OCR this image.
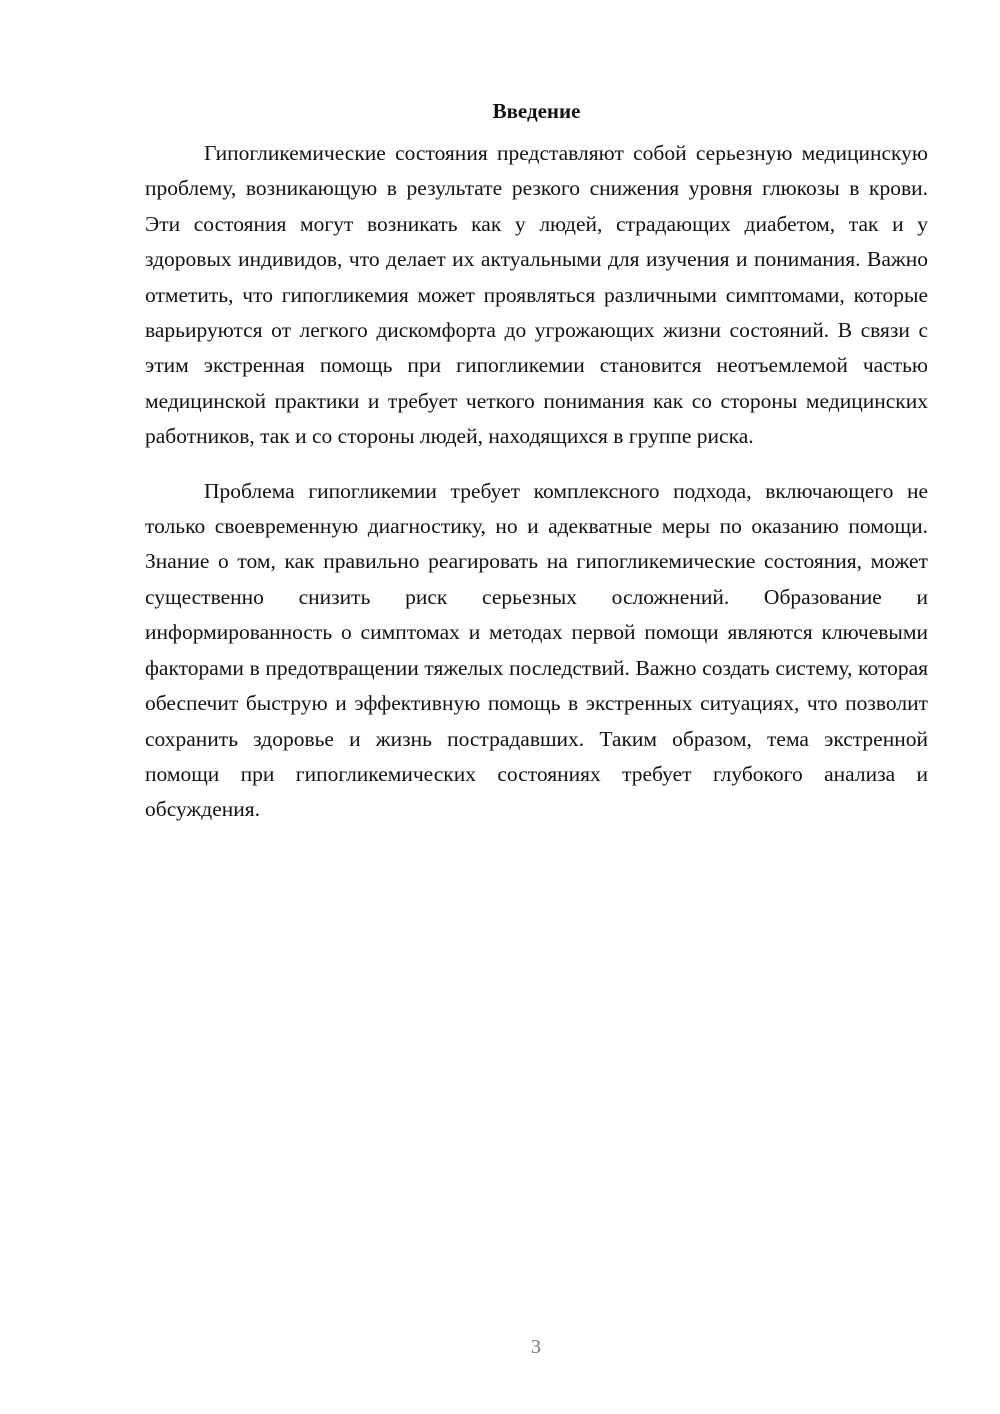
Введение

Гипогликемические состояния представляют собой серьезную медицинскую проблему, возникающую в результате резкого снижения уровня глюкозы в крови. Эти состояния могут возникать как у людей, страдающих диабетом, так и у здоровых индивидов, что делает их актуальными для изучения и понимания. Важно отметить, что гипогликемия может проявляться различными симптомами, которые варьируются от легкого дискомфорта до угрожающих жизни состояний. В связи с этим экстренная помощь при гипогликемии становится неотъемлемой частью медицинской практики и требует четкого понимания как со стороны медицинских работников, так и со стороны людей, находящихся в группе риска.

Проблема гипогликемии требует комплексного подхода, включающего не только своевременную диагностику, но и адекватные меры по оказанию помощи. Знание о том, как правильно реагировать на гипогликемические состояния, может существенно снизить риск серьезных осложнений. Образование и информированность о симптомах и методах первой помощи являются ключевыми факторами в предотвращении тяжелых последствий. Важно создать систему, которая обеспечит быструю и эффективную помощь в экстренных ситуациях, что позволит сохранить здоровье и жизнь пострадавших. Таким образом, тема экстренной помощи при гипогликемических состояниях требует глубокого анализа и обсуждения.

3
